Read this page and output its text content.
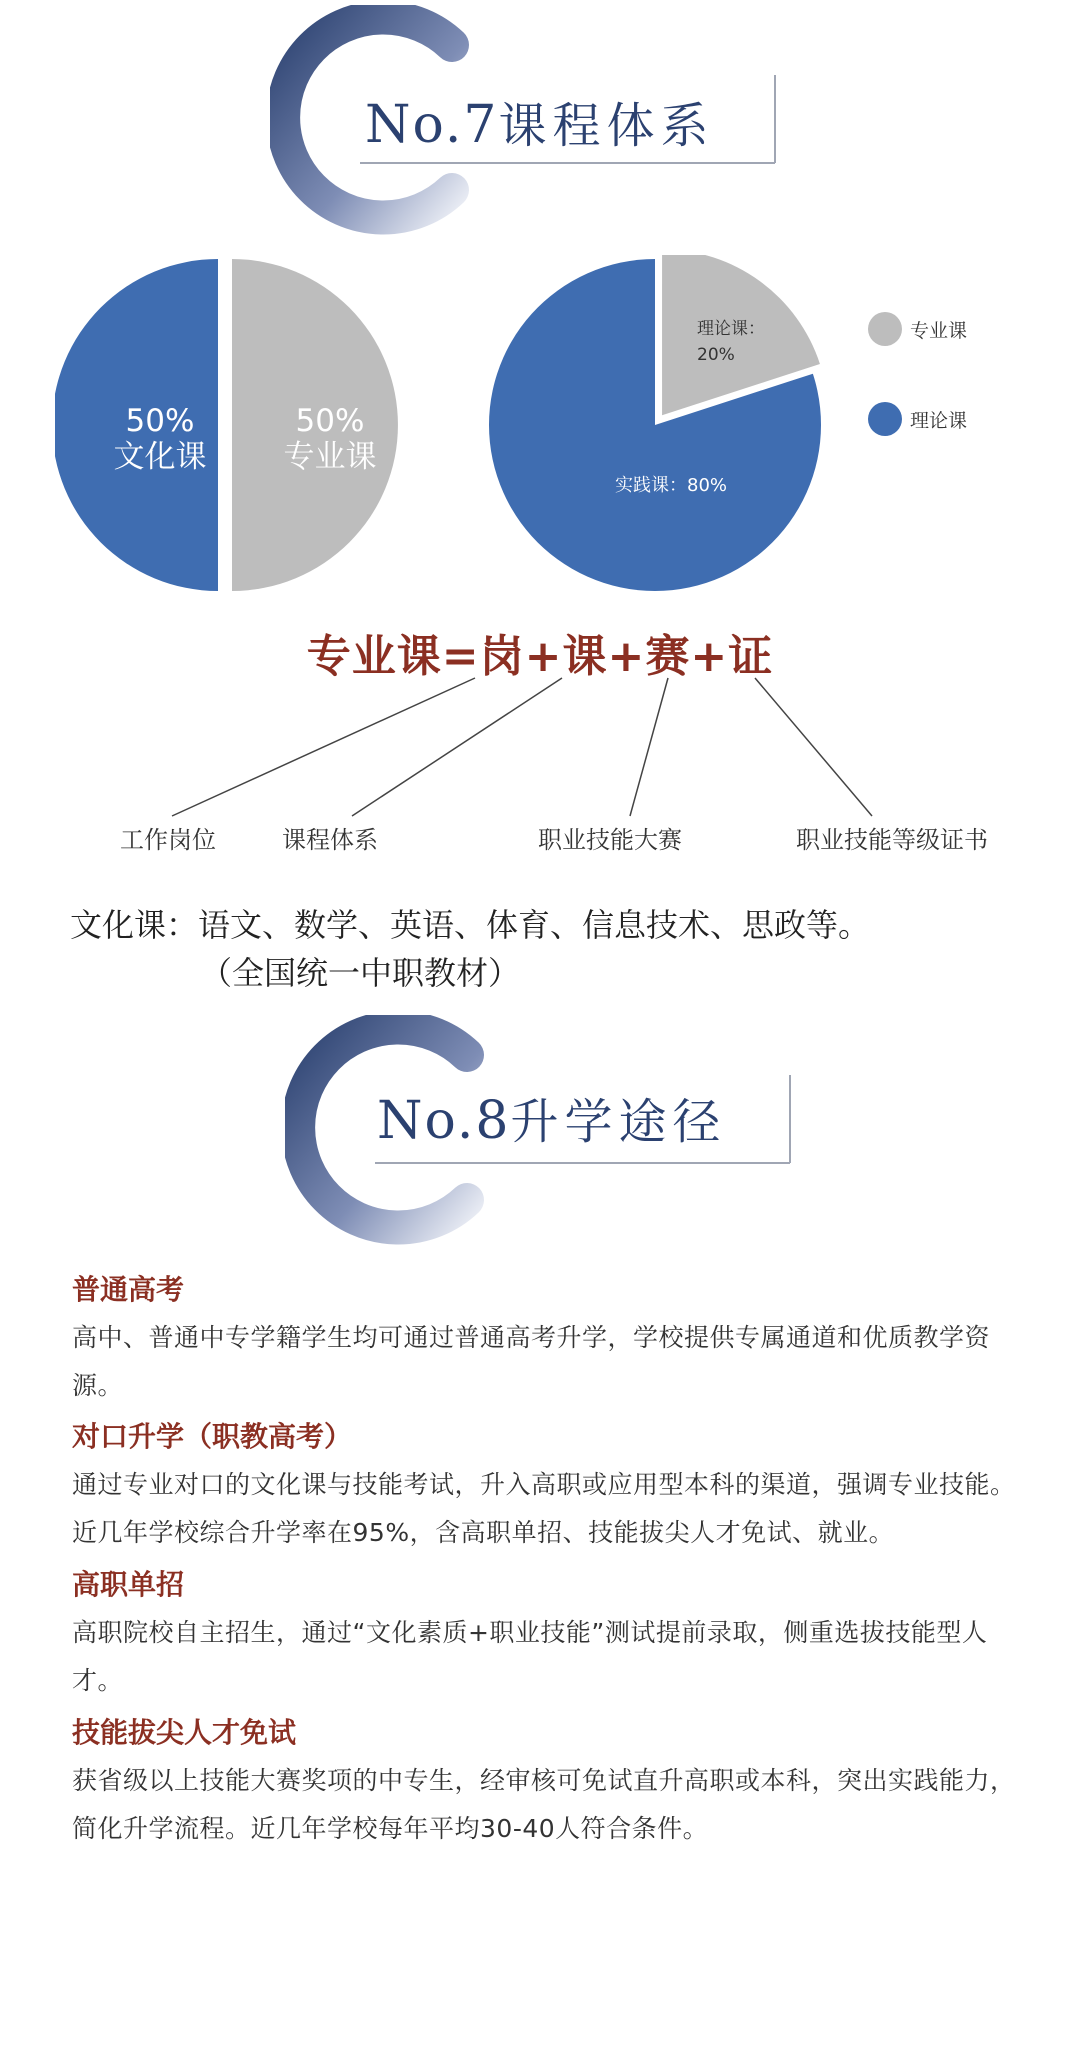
No.7课程体系
50%
文化课
50%
专业课
理论课：
20%
实践课：80%
专业课
理论课
专业课=岗+课+赛+证
工作岗位	课程体系	职业技能大赛	职业技能等级证书
文化课：语文、数学、英语、体育、信息技术、思政等。
（全国统一中职教材）
No.8升学途径
普通高考
高中、普通中专学籍学生均可通过普通高考升学，学校提供专属通道和优质教学资源。
对口升学（职教高考）
通过专业对口的文化课与技能考试，升入高职或应用型本科的渠道，强调专业技能。近几年学校综合升学率在95%，含高职单招、技能拔尖人才免试、就业。
高职单招
高职院校自主招生，通过“文化素质+职业技能”测试提前录取，侧重选拔技能型人才。
技能拔尖人才免试
获省级以上技能大赛奖项的中专生，经审核可免试直升高职或本科，突出实践能力，简化升学流程。近几年学校每年平均30-40人符合条件。
